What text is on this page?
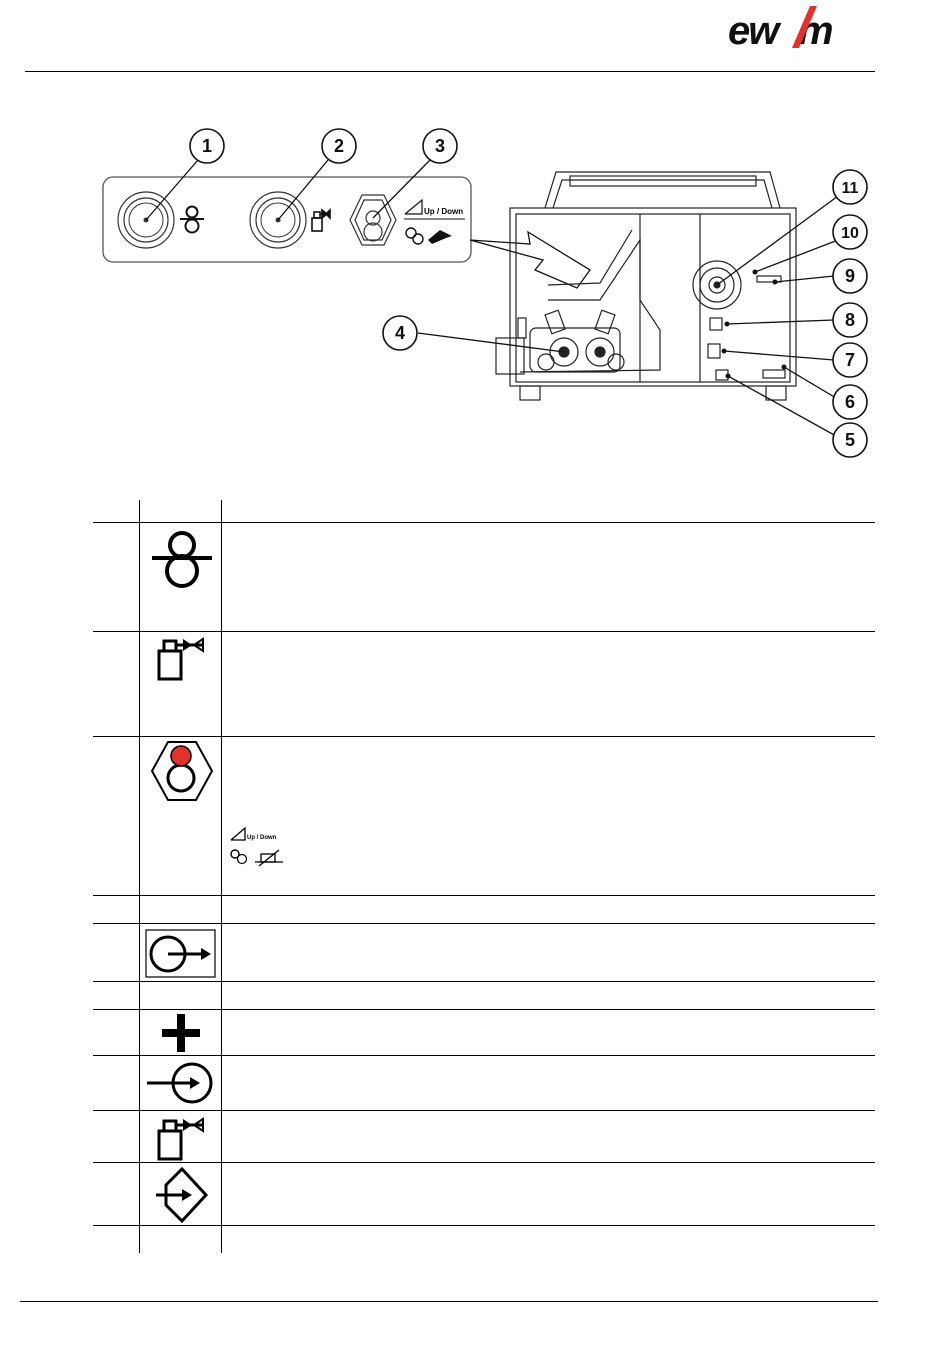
ew m
Up / Down
1	2	3
4
5
6
7
8
9
10
11
Up / Down
